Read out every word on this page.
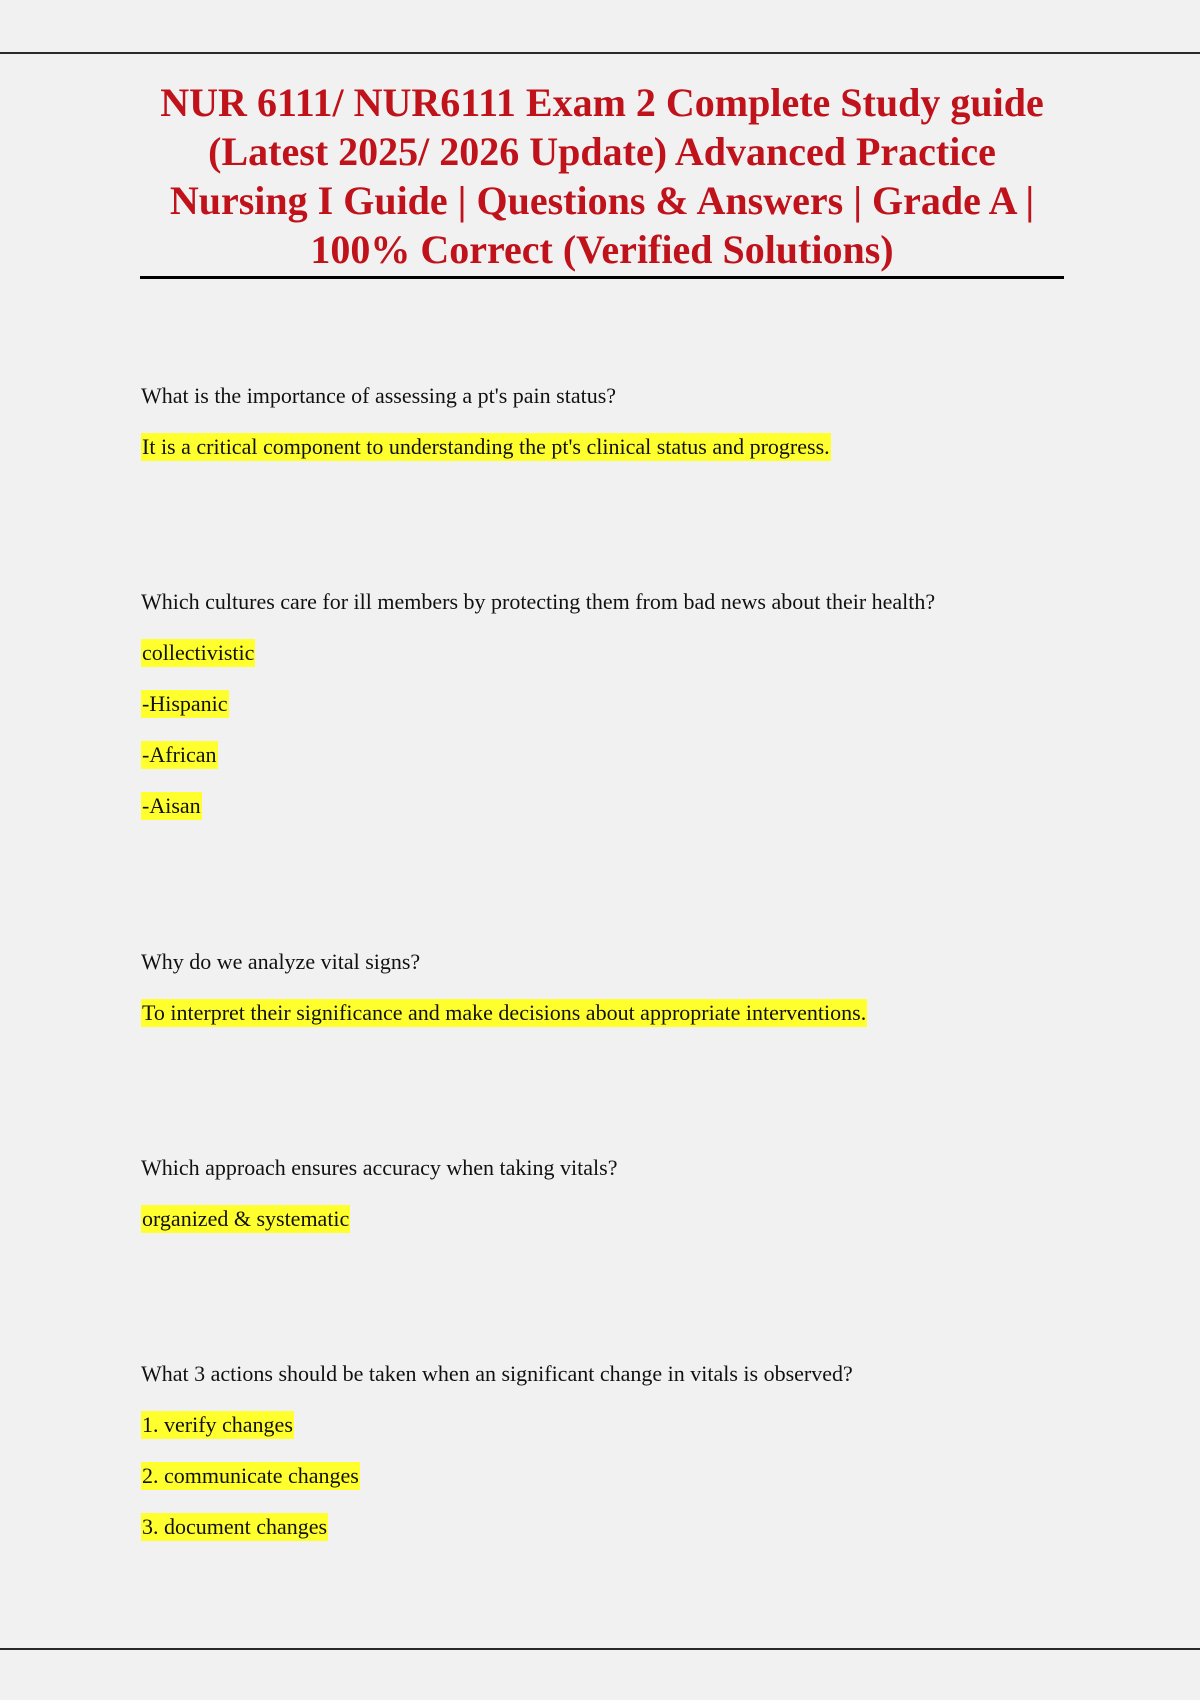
NUR 6111/ NUR6111 Exam 2 Complete Study guide (Latest 2025/ 2026 Update) Advanced Practice Nursing I Guide | Questions & Answers | Grade A | 100% Correct (Verified Solutions)

What is the importance of assessing a pt's pain status?

It is a critical component to understanding the pt's clinical status and progress.

Which cultures care for ill members by protecting them from bad news about their health?

collectivistic
-Hispanic
-African
-Aisan

Why do we analyze vital signs?

To interpret their significance and make decisions about appropriate interventions.

Which approach ensures accuracy when taking vitals?

organized & systematic

What 3 actions should be taken when an significant change in vitals is observed?

1. verify changes
2. communicate changes
3. document changes
